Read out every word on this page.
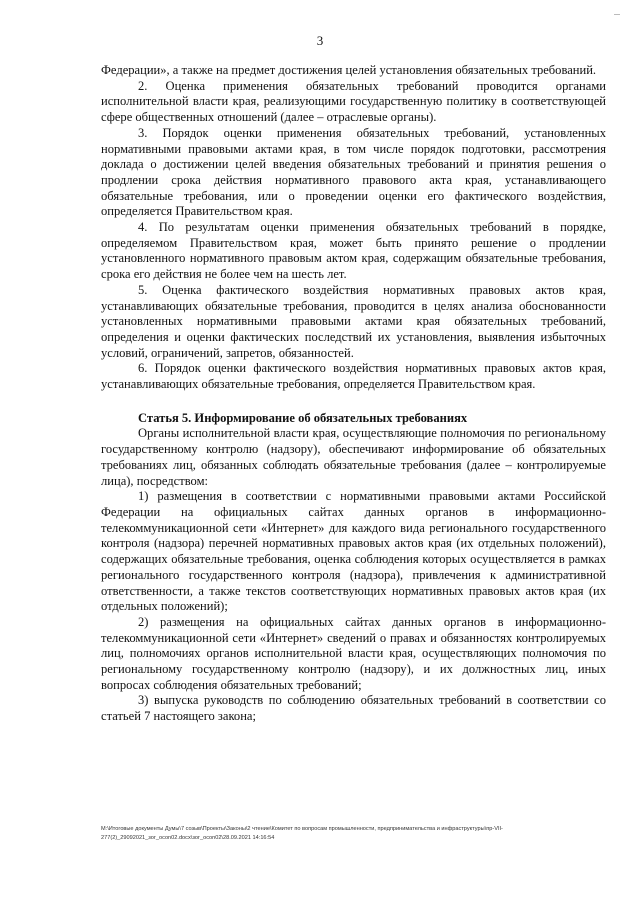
3

Федерации», а также на предмет достижения целей установления обязательных требований.

2. Оценка применения обязательных требований проводится органами исполнительной власти края, реализующими государственную политику в соответствующей сфере общественных отношений (далее – отраслевые органы).

3. Порядок оценки применения обязательных требований, установленных нормативными правовыми актами края, в том числе порядок подготовки, рассмотрения доклада о достижении целей введения обязательных требований и принятия решения о продлении срока действия нормативного правового акта края, устанавливающего обязательные требования, или о проведении оценки его фактического воздействия, определяется Правительством края.

4. По результатам оценки применения обязательных требований в порядке, определяемом Правительством края, может быть принято решение о продлении установленного нормативного правовым актом края, содержащим обязательные требования, срока его действия не более чем на шесть лет.

5. Оценка фактического воздействия нормативных правовых актов края, устанавливающих обязательные требования, проводится в целях анализа обоснованности установленных нормативными правовыми актами края обязательных требований, определения и оценки фактических последствий их установления, выявления избыточных условий, ограничений, запретов, обязанностей.

6. Порядок оценки фактического воздействия нормативных правовых актов края, устанавливающих обязательные требования, определяется Правительством края.

Статья 5. Информирование об обязательных требованиях

Органы исполнительной власти края, осуществляющие полномочия по региональному государственному контролю (надзору), обеспечивают информирование об обязательных требованиях лиц, обязанных соблюдать обязательные требования (далее – контролируемые лица), посредством:

1) размещения в соответствии с нормативными правовыми актами Российской Федерации на официальных сайтах данных органов в информационно-телекоммуникационной сети «Интернет» для каждого вида регионального государственного контроля (надзора) перечней нормативных правовых актов края (их отдельных положений), содержащих обязательные требования, оценка соблюдения которых осуществляется в рамках регионального государственного контроля (надзора), привлечения к административной ответственности, а также текстов соответствующих нормативных правовых актов края (их отдельных положений);

2) размещения на официальных сайтах данных органов в информационно-телекоммуникационной сети «Интернет» сведений о правах и обязанностях контролируемых лиц, полномочиях органов исполнительной власти края, осуществляющих полномочия по региональному государственному контролю (надзору), и их должностных лиц, иных вопросах соблюдения обязательных требований;

3) выпуска руководств по соблюдению обязательных требований в соответствии со статьей 7 настоящего закона;

M:\Итоговые документы Думы\7 созыв\Проекты\Законы\2 чтение\Комитет по вопросам промышленности, предпринимательства и инфраструктуры\пр-VII-
277(2)_29092021_зог_ocon02.docx\зог_ocon02\28.09.2021 14:16:54
